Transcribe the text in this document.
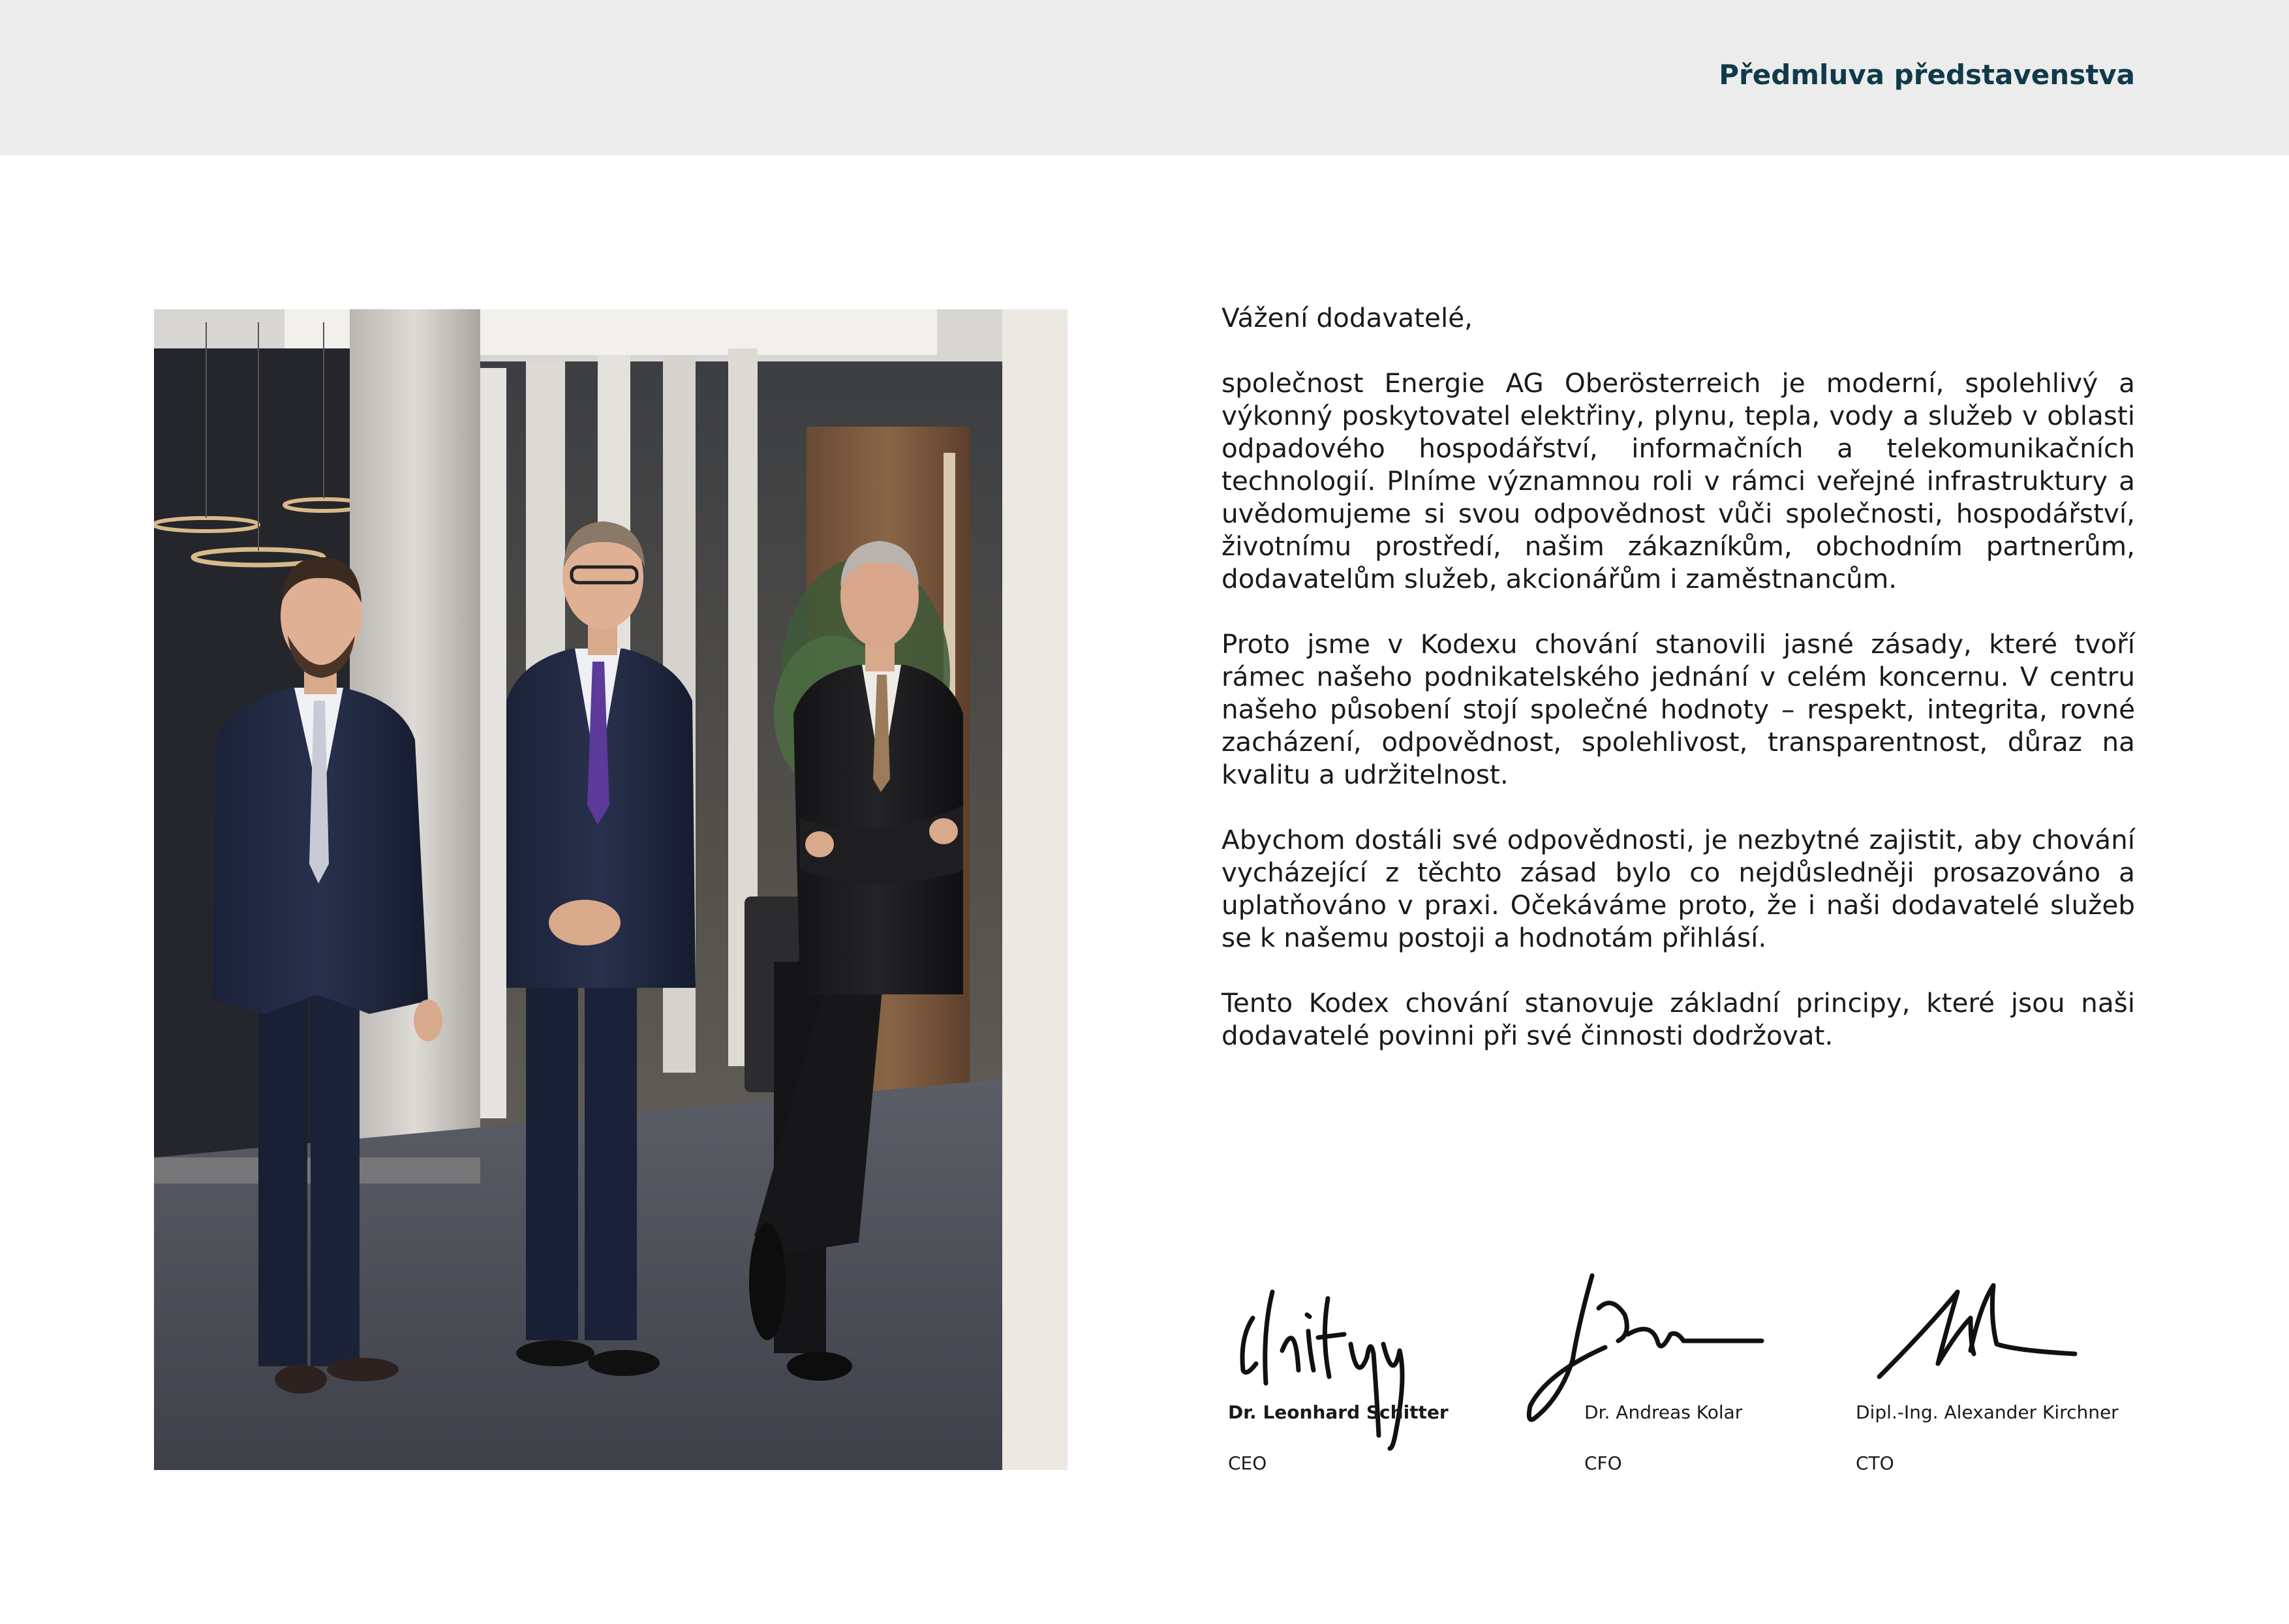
Předmluva představenstva

Vážení dodavatelé,

společnost Energie AG Oberösterreich je moderní, spolehlivý a výkonný poskytovatel elektřiny, plynu, tepla, vody a služeb v oblasti odpadového hospodářství, informačních a telekomunikačních technologií. Plníme významnou roli v rámci veřejné infrastruktury a uvědomujeme si svou odpovědnost vůči společnosti, hospodářství, životnímu prostředí, našim zákazníkům, obchodním partnerům, dodavatelům služeb, akcionářům i zaměstnancům.

Proto jsme v Kodexu chování stanovili jasné zásady, které tvoří rámec našeho podnikatelského jednání v celém koncernu. V centru našeho působení stojí společné hodnoty – respekt, integrita, rovné zacházení, odpovědnost, spolehlivost, transparentnost, důraz na kvalitu a udržitelnost.

Abychom dostáli své odpovědnosti, je nezbytné zajistit, aby chování vycházející z těchto zásad bylo co nejdůsledněji prosazováno a uplatňováno v praxi. Očekáváme proto, že i naši dodavatelé služeb se k našemu postoji a hodnotám přihlásí.

Tento Kodex chování stanovuje základní principy, které jsou naši dodavatelé povinni při své činnosti dodržovat.

Dr. Leonhard Schitter
CEO
Dr. Andreas Kolar
CFO
Dipl.-Ing. Alexander Kirchner
CTO
